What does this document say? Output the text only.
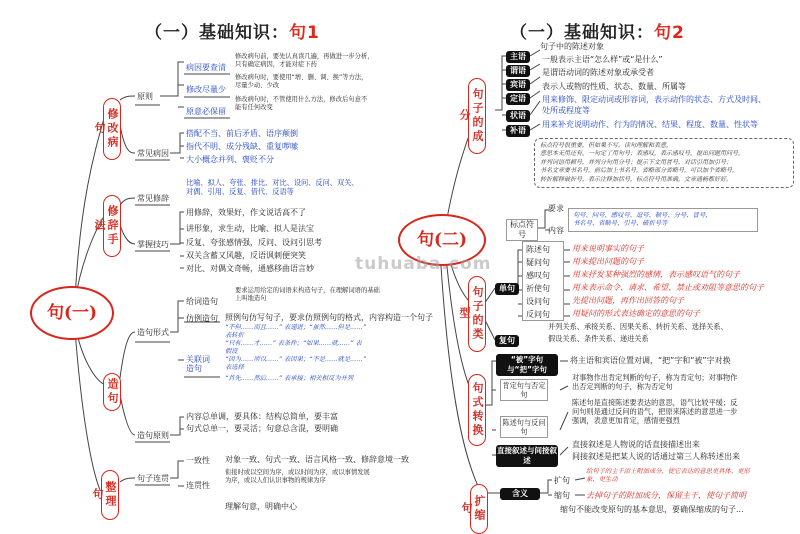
（一）基础知识：句1
句(一)
修改病句
原则
病因要查清
修改尽量少
原意必保留
修改病句前，要先认真读几遍，再做进一步分析，
只有确定病因，才能对症下药
修改病句时，要使用“增、删、调、换”等方法，
尽量少动、少改
修改病句时，不管使用什么方法，修改后句意不
能有任何改变
常见病因
搭配不当、前后矛盾、语序颠倒
指代不明、成分残缺、重复啰嗦
大小概念并列、褒贬不分
修辞手法
常见修辞
比喻、拟人、夸张、排比、对比、设问、反问、双关、
对偶、引用、反复、借代、反语等
掌握技巧
用修辞，效果好，作文说话高不了
讲形象，求生动，比喻、拟人是法宝
反复、夸张感情强，反问、设问引思考
双关含蓄又风趣，反语讽刺便突笑
对比、对偶文奇畅，通感移曲语言妙
造句
造句形式
给词造句
要求运用给定的词语来构造句子，在理解词语的基础
上叫地造句
仿例造句 照例句仿写句子，要求仿照例句的格式，内容构造一个句子
关联词造句
“不但……而且……” 表递进；“虽然……但是……”
表转折
“只有……才……” 表条件；“如果……就……” 表
假设
“因为……所以……” 表因果；“不是……就是……”
表选择
“首先……然后……” 表承接；相关相反为并列
造句原则
内容总单调，要具体：结构总简单，要丰富
句式总单一，要灵活；句意总含混，要明确
整理句
句子连贯
一致性 对象一致、句式一致、语言风格一致、修辞意境一致
连贯性
衔接时或以空间为序，或以时间为序，或以事情发展
为序，或以人们认识事物的规律为序
理解句意，明确中心
（一）基础知识：句2
句(二)
句子的成分
句子中的陈述对象
主语
谓语
宾语
定语
状语
补语
一般表示主语“怎么样”或“是什么”
是谓语动词的陈述对象或承受者
表示人或物的性质、状态、数量、所属等
用来修饰、限定动词或形容词，表示动作的状态、方式及时间、
处所或程度等
用来补充说明动作、行为的情况、结果、程度、数量、性状等
标点符号很重要，但如果不写，读句理解和表意，
意思本无用还有，一句定了用句号；表感叹，表示感叹号，提出问题用问号，
并列词语用顿号，并列分句用分号；提示下文用冒号，对话引用加引号；
书名文章要书名号，前后加上书名号，省略部分省略号，可以加个省略号，
转折解释破折号，表示注释加括号，标点符号用准确，文章通畅都好好。
标点符号
要求
内容
句号、问号、感叹号、逗号、顿号、分号、冒号、
书名号、省略号、引号、破折号等
句子的类型
单句
复句
陈述句
疑问句
感叹句
祈使句
设问句
反问句
用来说明事实的句子
用来提出问题的句子
用来抒发某种强烈的感情，表示感叹语气的句子
用来表示命令、请求、希望、禁止或劝阻等意思的句子
先提出问题，再作出回答的句子
用疑问的形式表达确定的意思的句子
并列关系、承接关系、因果关系、转折关系、选择关系、
假设关系、条件关系、递进关系
句式转换
“被”字句与“把”字句
肯定句与否定句
陈述句与反问句
直接叙述与间接叙述
将主语和宾语位置对调，“把”字和“被”字对换
对事物作出肯定判断的句子，称为肯定句；对事物作
出否定判断的句子，称为否定句
陈述句是直接陈述要表达的意思，语气比较平缓；反
问句则是通过反问的语气，把原来陈述的意思进一步
强调，表意更加肯定，感情更强烈
直接叙述是人物说的话直接描述出来
间接叙述是把某人说的话通过第三人称转述出来
扩缩句
含义
扩句
缩句
给句子的主干添上附加成分，使它表达的意思更具体、更形象、更生动
去掉句子的附加成分，保留主干，使句子简明
缩句不能改变原句的基本意思，要确保缩成的句子...
tuhuaba.com
